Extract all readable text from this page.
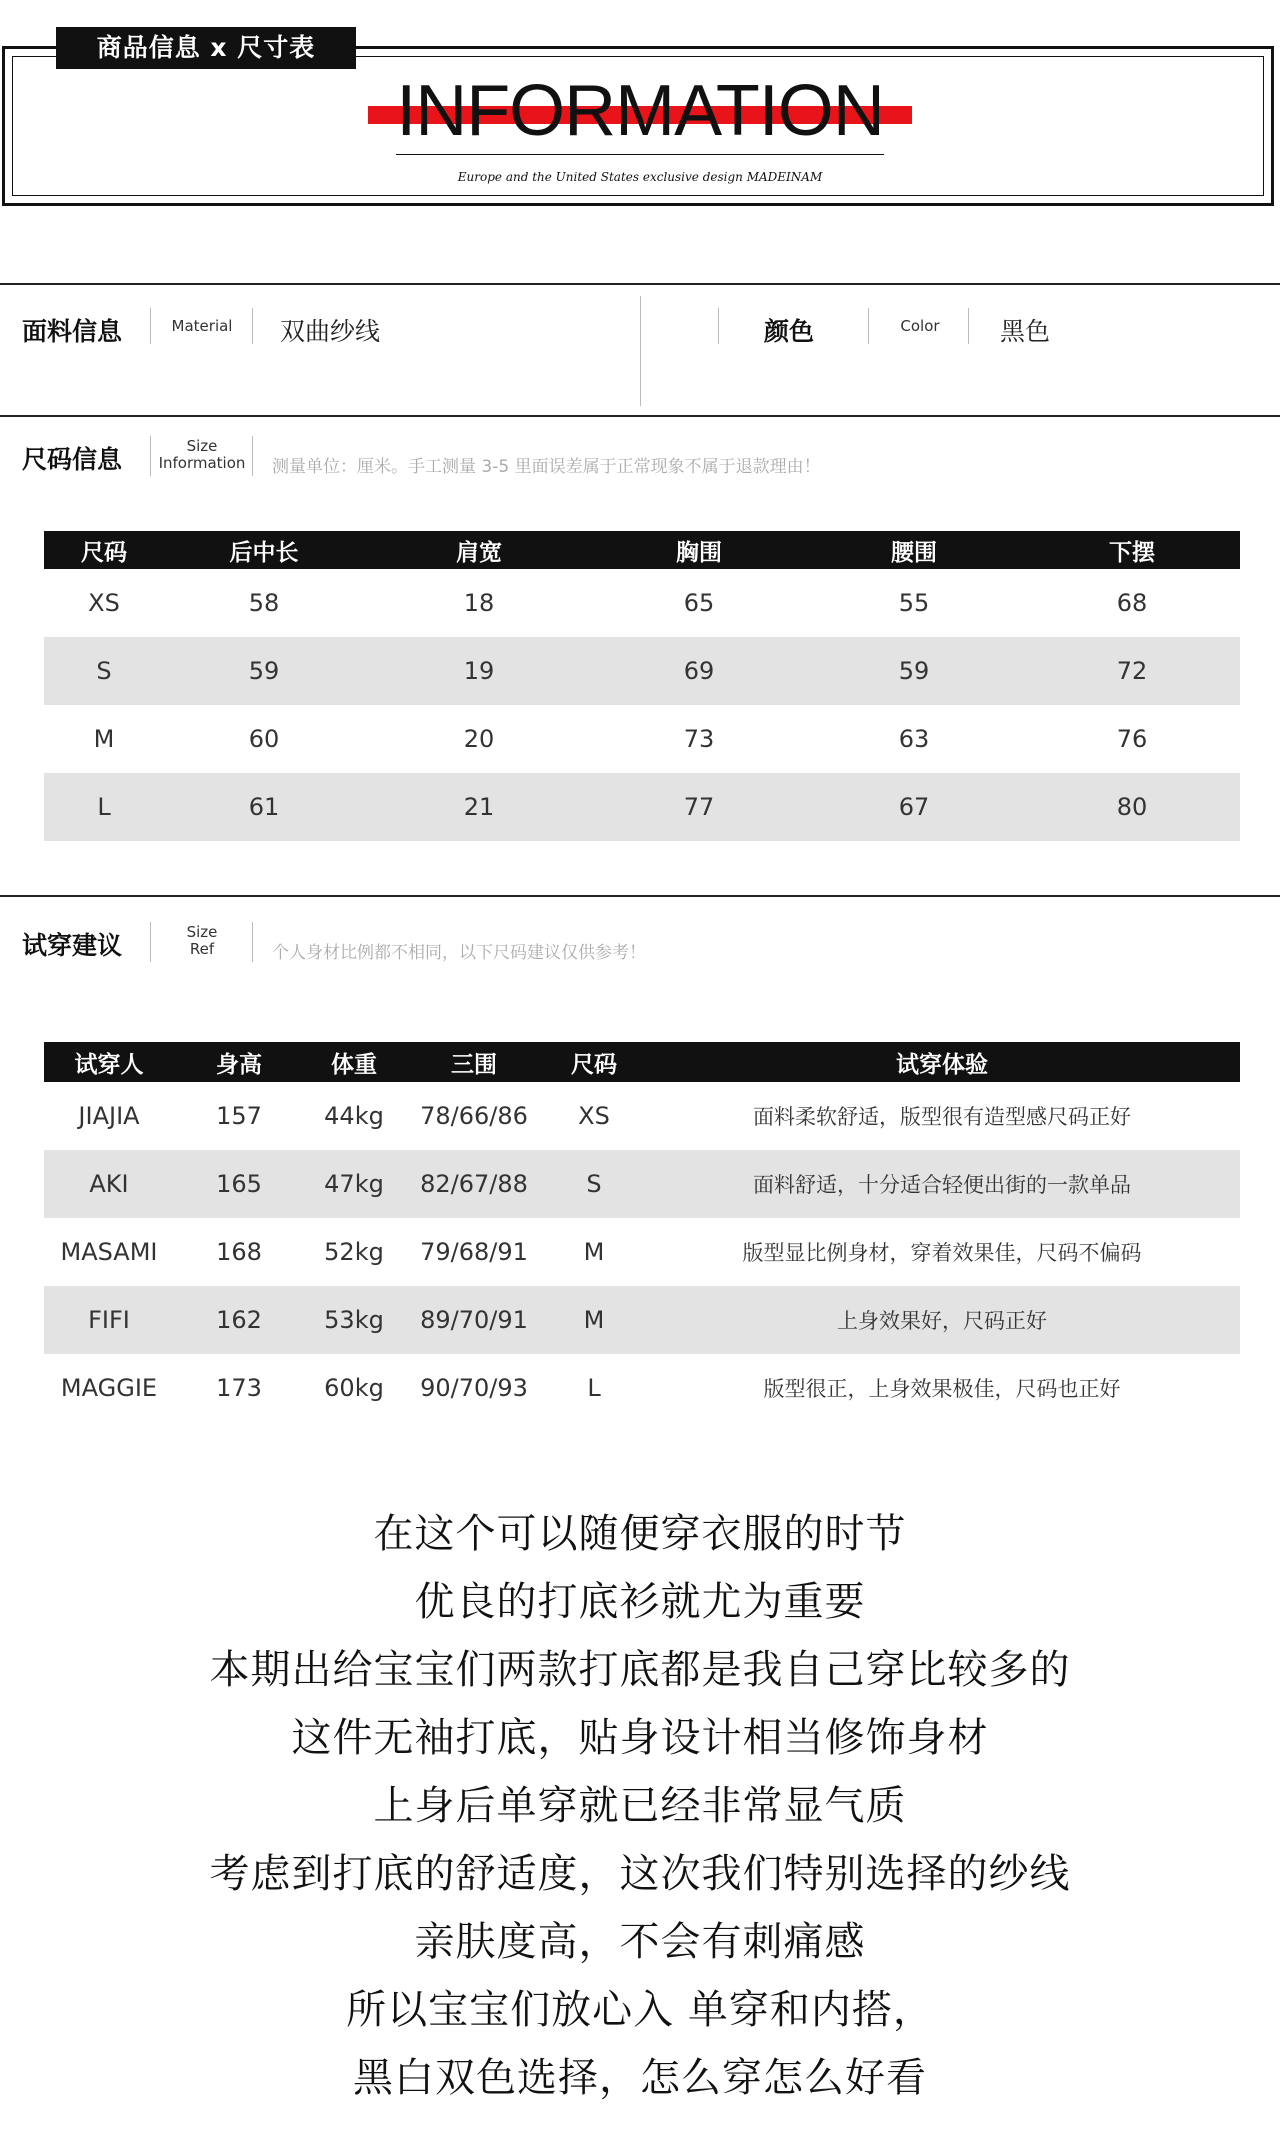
商品信息 x 尺寸表
INFORMATION
Europe and the United States exclusive design MADEINAM
面料信息	Material	双曲纱线	颜色	Color	黑色
尺码信息	Size
Information 测量单位：厘米。手工测量 3-5 里面误差属于正常现象不属于退款理由！
尺码	后中长	肩宽	胸围	腰围	下摆
XS	58	18	65	55	68
S	59	19	69	59	72
M	60	20	73	63	76
L	61	21	77	67	80
试穿建议	Size
Ref	个人身材比例都不相同，以下尺码建议仅供参考！
试穿人	身高	体重	三围	尺码	试穿体验
JIAJIA	157	44kg	78/66/86	XS	面料柔软舒适，版型很有造型感尺码正好
AKI	165	47kg	82/67/88	S	面料舒适，十分适合轻便出街的一款单品
MASAMI	168	52kg	79/68/91	M	版型显比例身材，穿着效果佳，尺码不偏码
FIFI	162	53kg	89/70/91	M	上身效果好，尺码正好
MAGGIE	173	60kg	90/70/93	L	版型很正，上身效果极佳，尺码也正好

在这个可以随便穿衣服的时节

优良的打底衫就尤为重要

本期出给宝宝们两款打底都是我自己穿比较多的

这件无袖打底，贴身设计相当修饰身材

上身后单穿就已经非常显气质

考虑到打底的舒适度，这次我们特别选择的纱线

亲肤度高，不会有刺痛感

所以宝宝们放心入 单穿和内搭，

黑白双色选择，怎么穿怎么好看
